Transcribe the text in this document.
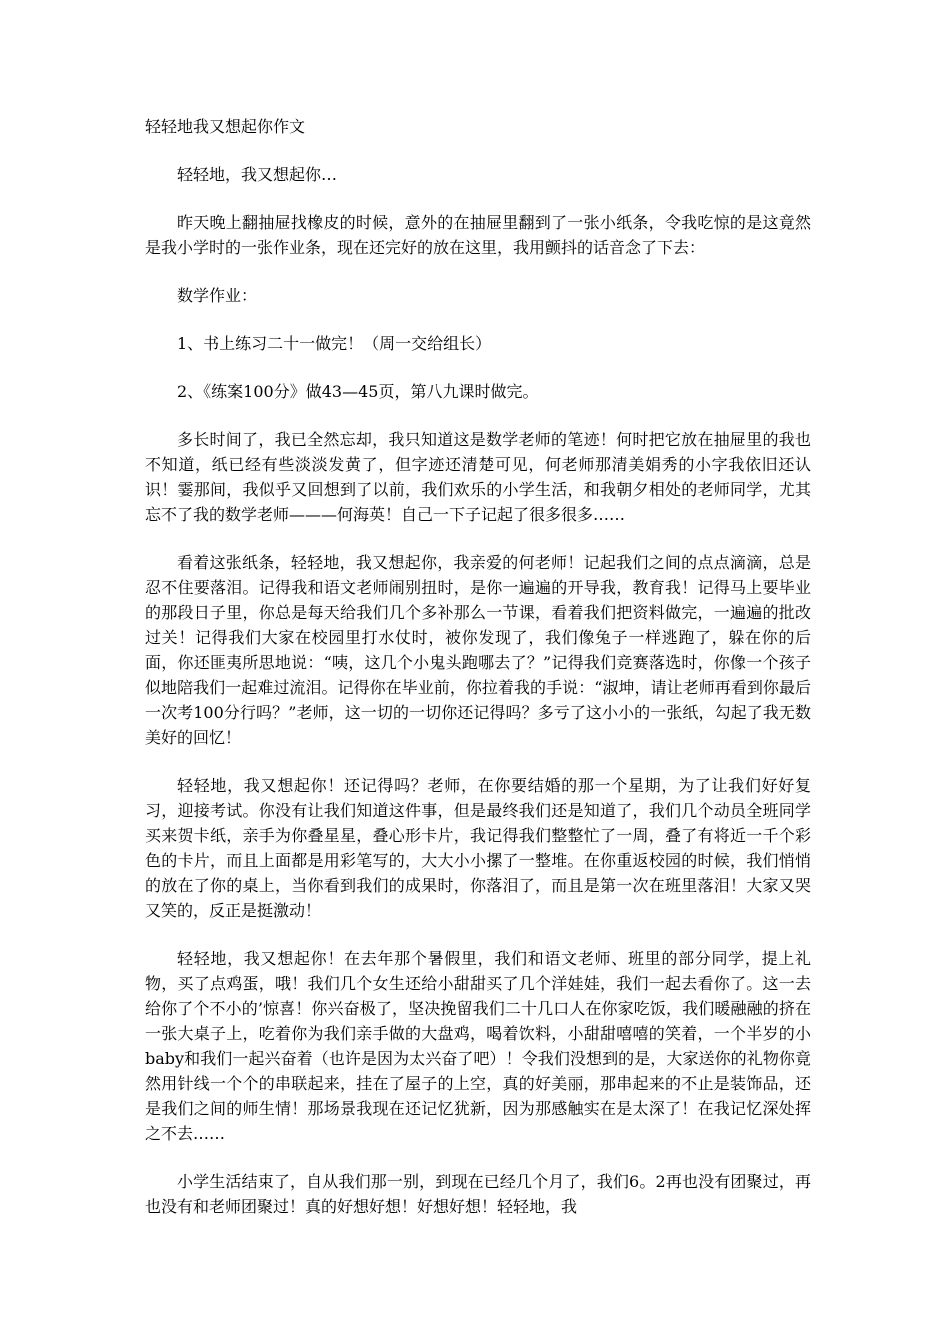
轻轻地我又想起你作文

轻轻地，我又想起你…

昨天晚上翻抽屉找橡皮的时候，意外的在抽屉里翻到了一张小纸条，令我吃惊的是这竟然是我小学时的一张作业条，现在还完好的放在这里，我用颤抖的话音念了下去：

数学作业：

1、书上练习二十一做完！（周一交给组长）

2、《练案100分》做43—45页，第八九课时做完。

多长时间了，我已全然忘却，我只知道这是数学老师的笔迹！何时把它放在抽屉里的我也不知道，纸已经有些淡淡发黄了，但字迹还清楚可见，何老师那清美娟秀的小字我依旧还认识！霎那间，我似乎又回想到了以前，我们欢乐的小学生活，和我朝夕相处的老师同学，尤其忘不了我的数学老师———何海英！自己一下子记起了很多很多……

看着这张纸条，轻轻地，我又想起你，我亲爱的何老师！记起我们之间的点点滴滴，总是忍不住要落泪。记得我和语文老师闹别扭时，是你一遍遍的开导我，教育我！记得马上要毕业的那段日子里，你总是每天给我们几个多补那么一节课，看着我们把资料做完，一遍遍的批改过关！记得我们大家在校园里打水仗时，被你发现了，我们像兔子一样逃跑了，躲在你的后面，你还匪夷所思地说：“咦，这几个小鬼头跑哪去了？”记得我们竞赛落选时，你像一个孩子似地陪我们一起难过流泪。记得你在毕业前，你拉着我的手说：“淑坤，请让老师再看到你最后一次考100分行吗？”老师，这一切的一切你还记得吗？多亏了这小小的一张纸，勾起了我无数美好的回忆！

轻轻地，我又想起你！还记得吗？老师，在你要结婚的那一个星期，为了让我们好好复习，迎接考试。你没有让我们知道这件事，但是最终我们还是知道了，我们几个动员全班同学买来贺卡纸，亲手为你叠星星，叠心形卡片，我记得我们整整忙了一周，叠了有将近一千个彩色的卡片，而且上面都是用彩笔写的，大大小小摞了一整堆。在你重返校园的时候，我们悄悄的放在了你的桌上，当你看到我们的成果时，你落泪了，而且是第一次在班里落泪！大家又哭又笑的，反正是挺激动！

轻轻地，我又想起你！在去年那个暑假里，我们和语文老师、班里的部分同学，提上礼物，买了点鸡蛋，哦！我们几个女生还给小甜甜买了几个洋娃娃，我们一起去看你了。这一去给你了个不小的’惊喜！你兴奋极了，坚决挽留我们二十几口人在你家吃饭，我们暖融融的挤在一张大桌子上，吃着你为我们亲手做的大盘鸡，喝着饮料，小甜甜嘻嘻的笑着，一个半岁的小baby和我们一起兴奋着（也许是因为太兴奋了吧）！令我们没想到的是，大家送你的礼物你竟然用针线一个个的串联起来，挂在了屋子的上空，真的好美丽，那串起来的不止是装饰品，还是我们之间的师生情！那场景我现在还记忆犹新，因为那感触实在是太深了！在我记忆深处挥之不去……

小学生活结束了，自从我们那一别，到现在已经几个月了，我们6。2再也没有团聚过，再也没有和老师团聚过！真的好想好想！好想好想！轻轻地，我
